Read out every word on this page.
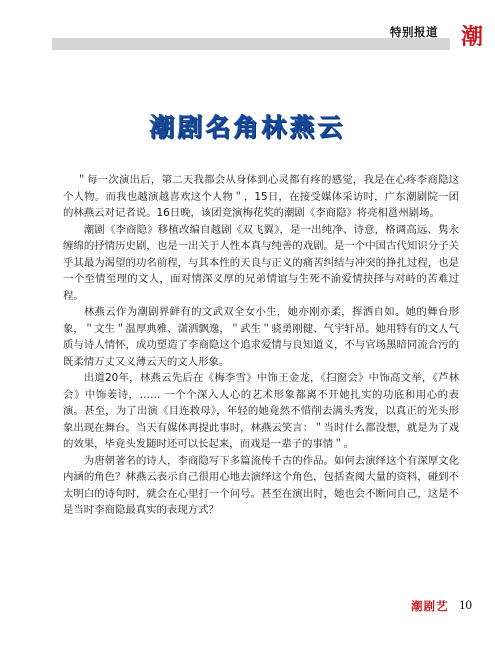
特别报道 潮
潮剧名角林燕云

＂每一次演出后，第二天我都会从身体到心灵都有疼的感觉，我是在心疼李商隐这个人物。而我也越演越喜欢这个人物＂，15日，在接受媒体采访时，广东潮剧院一团的林燕云对记者说。16日晚，该团竞演梅花奖的潮剧《李商隐》将亮相邕州剧场。

潮剧《李商隐》移植改编自越剧《双飞翼》，是一出纯净、诗意，格调高远、隽永缠绵的抒情历史剧，也是一出关于人性本真与纯善的戏剧。是一个中国古代知识分子关乎其最为渴望的功名前程，与其本性的天良与正义的痛苦纠结与冲突的挣扎过程，也是一个至情至理的文人，面对情深义厚的兄弟情谊与生死不渝爱情抉择与对峙的苦难过程。

林燕云作为潮剧界鲜有的文武双全女小生，她亦刚亦柔，挥洒自如。她的舞台形象，＂文生＂温厚典雅、潇洒飘逸，＂武生＂骁勇刚健、气宇轩昂。她用特有的文人气质与诗人情怀，成功塑造了李商隐这个追求爱情与良知道义，不与官场黑暗同流合污的既柔情万丈又义薄云天的文人形象。

出道20年，林燕云先后在《梅李雪》中饰王金龙，《扫窗会》中饰高文举，《芦林会》中饰姜诗，…… 一个个深入人心的艺术形象都离不开她扎实的功底和用心的表演。甚至，为了出演《目连救母》，年轻的她竟然不惜削去满头秀发，以真正的光头形象出现在舞台。当天有媒体再提此事时，林燕云笑言：＂当时什么都没想，就是为了戏的效果，毕竟头发随时还可以长起来，而戏是一辈子的事情＂。

为唐朝著名的诗人，李商隐写下多篇流传千古的作品。如何去演绎这个有深厚文化内涵的角色？林燕云表示自己很用心地去演绎这个角色，包括查阅大量的资料，碰到不太明白的诗句时，就会在心里打一个问号。甚至在演出时，她也会不断问自己，这是不是当时李商隐最真实的表现方式？

潮剧艺 10
